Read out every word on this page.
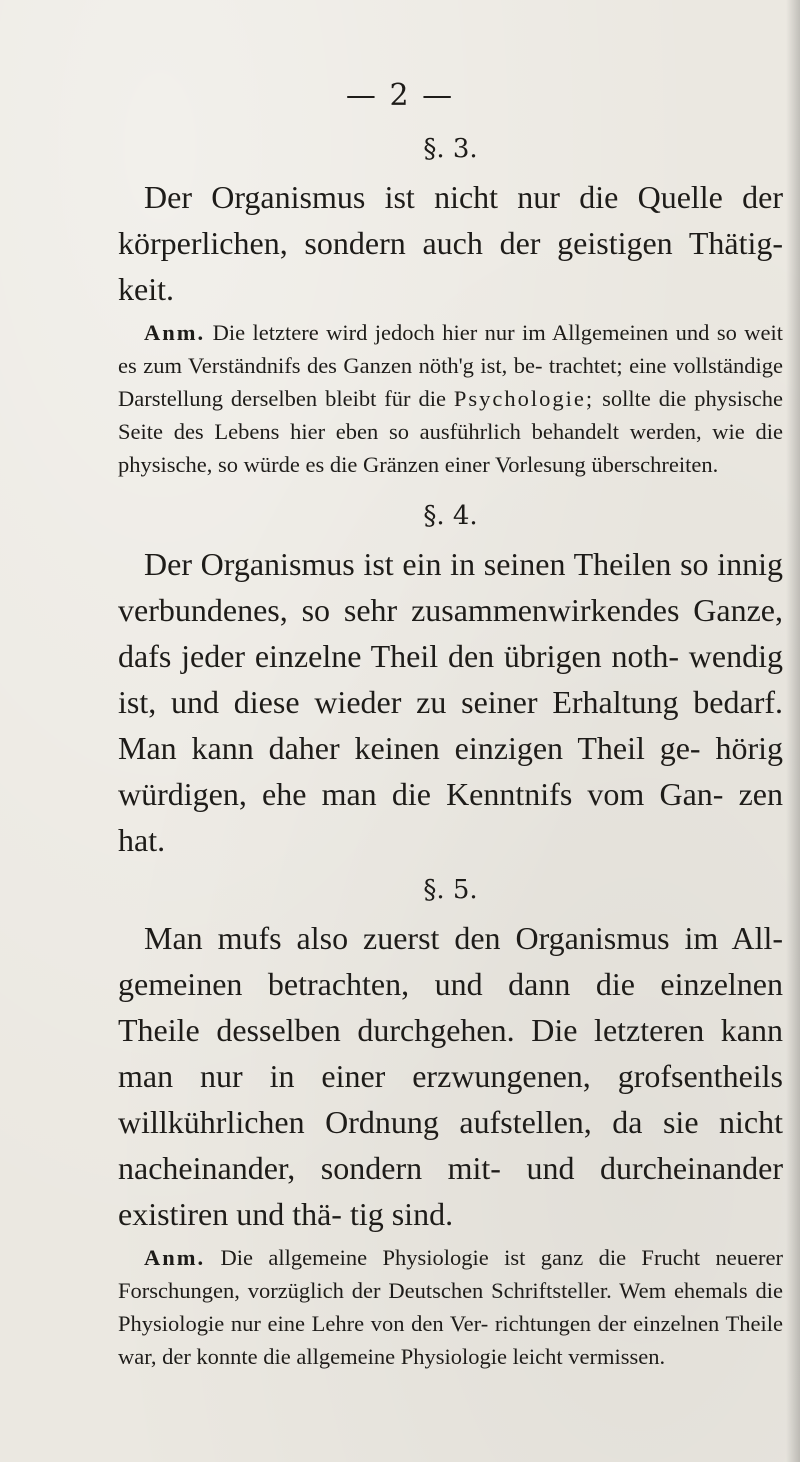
— 2 —
§. 3.

Der Organismus ist nicht nur die Quelle der körperlichen, sondern auch der geistigen Thätig- keit.

Anm. Die letztere wird jedoch hier nur im Allgemeinen und so weit es zum Verständnifs des Ganzen nöth'g ist, be- trachtet; eine vollständige Darstellung derselben bleibt für die Psychologie; sollte die physische Seite des Lebens hier eben so ausführlich behandelt werden, wie die physische, so würde es die Gränzen einer Vorlesung überschreiten.

§. 4.

Der Organismus ist ein in seinen Theilen so innig verbundenes, so sehr zusammenwirkendes Ganze, dafs jeder einzelne Theil den übrigen noth- wendig ist, und diese wieder zu seiner Erhaltung bedarf. Man kann daher keinen einzigen Theil ge- hörig würdigen, ehe man die Kenntnifs vom Gan- zen hat.

§. 5.

Man mufs also zuerst den Organismus im All- gemeinen betrachten, und dann die einzelnen Theile desselben durchgehen. Die letzteren kann man nur in einer erzwungenen, grofsentheils willkührlichen Ordnung aufstellen, da sie nicht nacheinander, sondern mit- und durcheinander existiren und thä- tig sind.

Anm. Die allgemeine Physiologie ist ganz die Frucht neuerer Forschungen, vorzüglich der Deutschen Schriftsteller. Wem ehemals die Physiologie nur eine Lehre von den Ver- richtungen der einzelnen Theile war, der konnte die allgemeine Physiologie leicht vermissen.
